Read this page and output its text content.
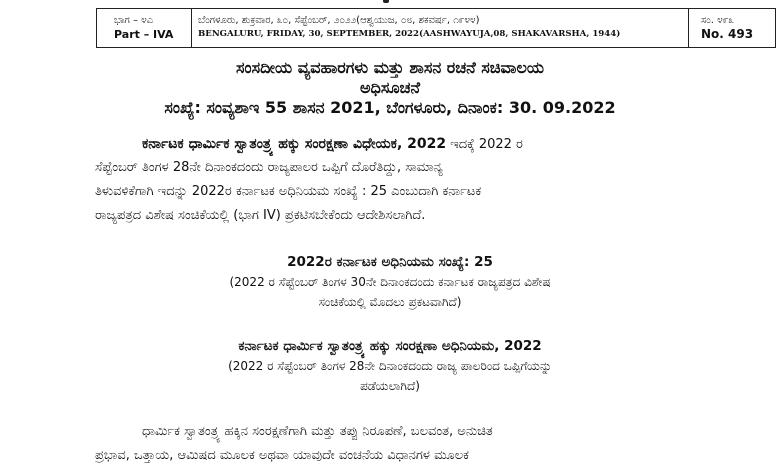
ಭಾಗ – ೪ಎ
Part – IVA
ಬೆಂಗಳೂರು, ಶುಕ್ರವಾರ, ೩೦, ಸೆಪ್ಟೆಂಬರ್, ೨೦೨೨(ಆಶ್ವಯುಜ, ೦೮, ಶಕವರ್ಷ, ೧೯೪೪)
BENGALURU, FRIDAY, 30, SEPTEMBER, 2022(AASHWAYUJA,08, SHAKAVARSHA, 1944)
ಸಂ. ೪೯೩
No. 493
ಸಂಸದೀಯ ವ್ಯವಹಾರಗಳು ಮತ್ತು ಶಾಸನ ರಚನೆ ಸಚಿವಾಲಯ
ಅಧಿಸೂಚನೆ
ಸಂಖ್ಯೆ: ಸಂವ್ಯಶಾಇ 55 ಶಾಸನ 2021, ಬೆಂಗಳೂರು, ದಿನಾಂಕ: 30. 09.2022
ಕರ್ನಾಟಕ ಧಾರ್ಮಿಕ ಸ್ವಾತಂತ್ರ್ಯ ಹಕ್ಕು ಸಂರಕ್ಷಣಾ ವಿಧೇಯಕ, 2022 ಇದಕ್ಕೆ 2022 ರ
ಸೆಪ್ಟೆಂಬರ್ ತಿಂಗಳ 28ನೇ ದಿನಾಂಕದಂದು ರಾಜ್ಯಪಾಲರ ಒಪ್ಪಿಗೆ ದೊರೆತಿದ್ದು, ಸಾಮಾನ್ಯ
ತಿಳುವಳಿಕೆಗಾಗಿ ಇದನ್ನು 2022ರ ಕರ್ನಾಟಕ ಅಧಿನಿಯಮ ಸಂಖ್ಯೆ : 25 ಎಂಬುದಾಗಿ ಕರ್ನಾಟಕ
ರಾಜ್ಯಪತ್ರದ ವಿಶೇಷ ಸಂಚಿಕೆಯಲ್ಲಿ (ಭಾಗ IV) ಪ್ರಕಟಿಸಬೇಕೆಂದು ಆದೇಶಿಸಲಾಗಿದೆ.
2022ರ ಕರ್ನಾಟಕ ಅಧಿನಿಯಮ ಸಂಖ್ಯೆ: 25
(2022 ರ ಸೆಪ್ಟೆಂಬರ್ ತಿಂಗಳ 30ನೇ ದಿನಾಂಕದಂದು ಕರ್ನಾಟಕ ರಾಜ್ಯಪತ್ರದ ವಿಶೇಷ
ಸಂಚಿಕೆಯಲ್ಲಿ ಮೊದಲು ಪ್ರಕಟವಾಗಿದೆ)
ಕರ್ನಾಟಕ ಧಾರ್ಮಿಕ ಸ್ವಾತಂತ್ರ್ಯ ಹಕ್ಕು ಸಂರಕ್ಷಣಾ ಅಧಿನಿಯಮ, 2022
(2022 ರ ಸೆಪ್ಟೆಂಬರ್ ತಿಂಗಳ 28ನೇ ದಿನಾಂಕದಂದು ರಾಜ್ಯ ಪಾಲರಿಂದ ಒಪ್ಪಿಗೆಯನ್ನು
ಪಡೆಯಲಾಗಿದೆ)
ಧಾರ್ಮಿಕ ಸ್ವಾತಂತ್ರ್ಯ ಹಕ್ಕಿನ ಸಂರಕ್ಷಣೆಗಾಗಿ ಮತ್ತು ತಪ್ಪು ನಿರೂಪಣೆ, ಬಲವಂತ, ಅನುಚಿತ
ಪ್ರಭಾವ, ಒತ್ತಾಯ, ಆಮಿಷದ ಮೂಲಕ ಅಥವಾ ಯಾವುದೇ ವಂಚನೆಯ ವಿಧಾನಗಳ ಮೂಲಕ
